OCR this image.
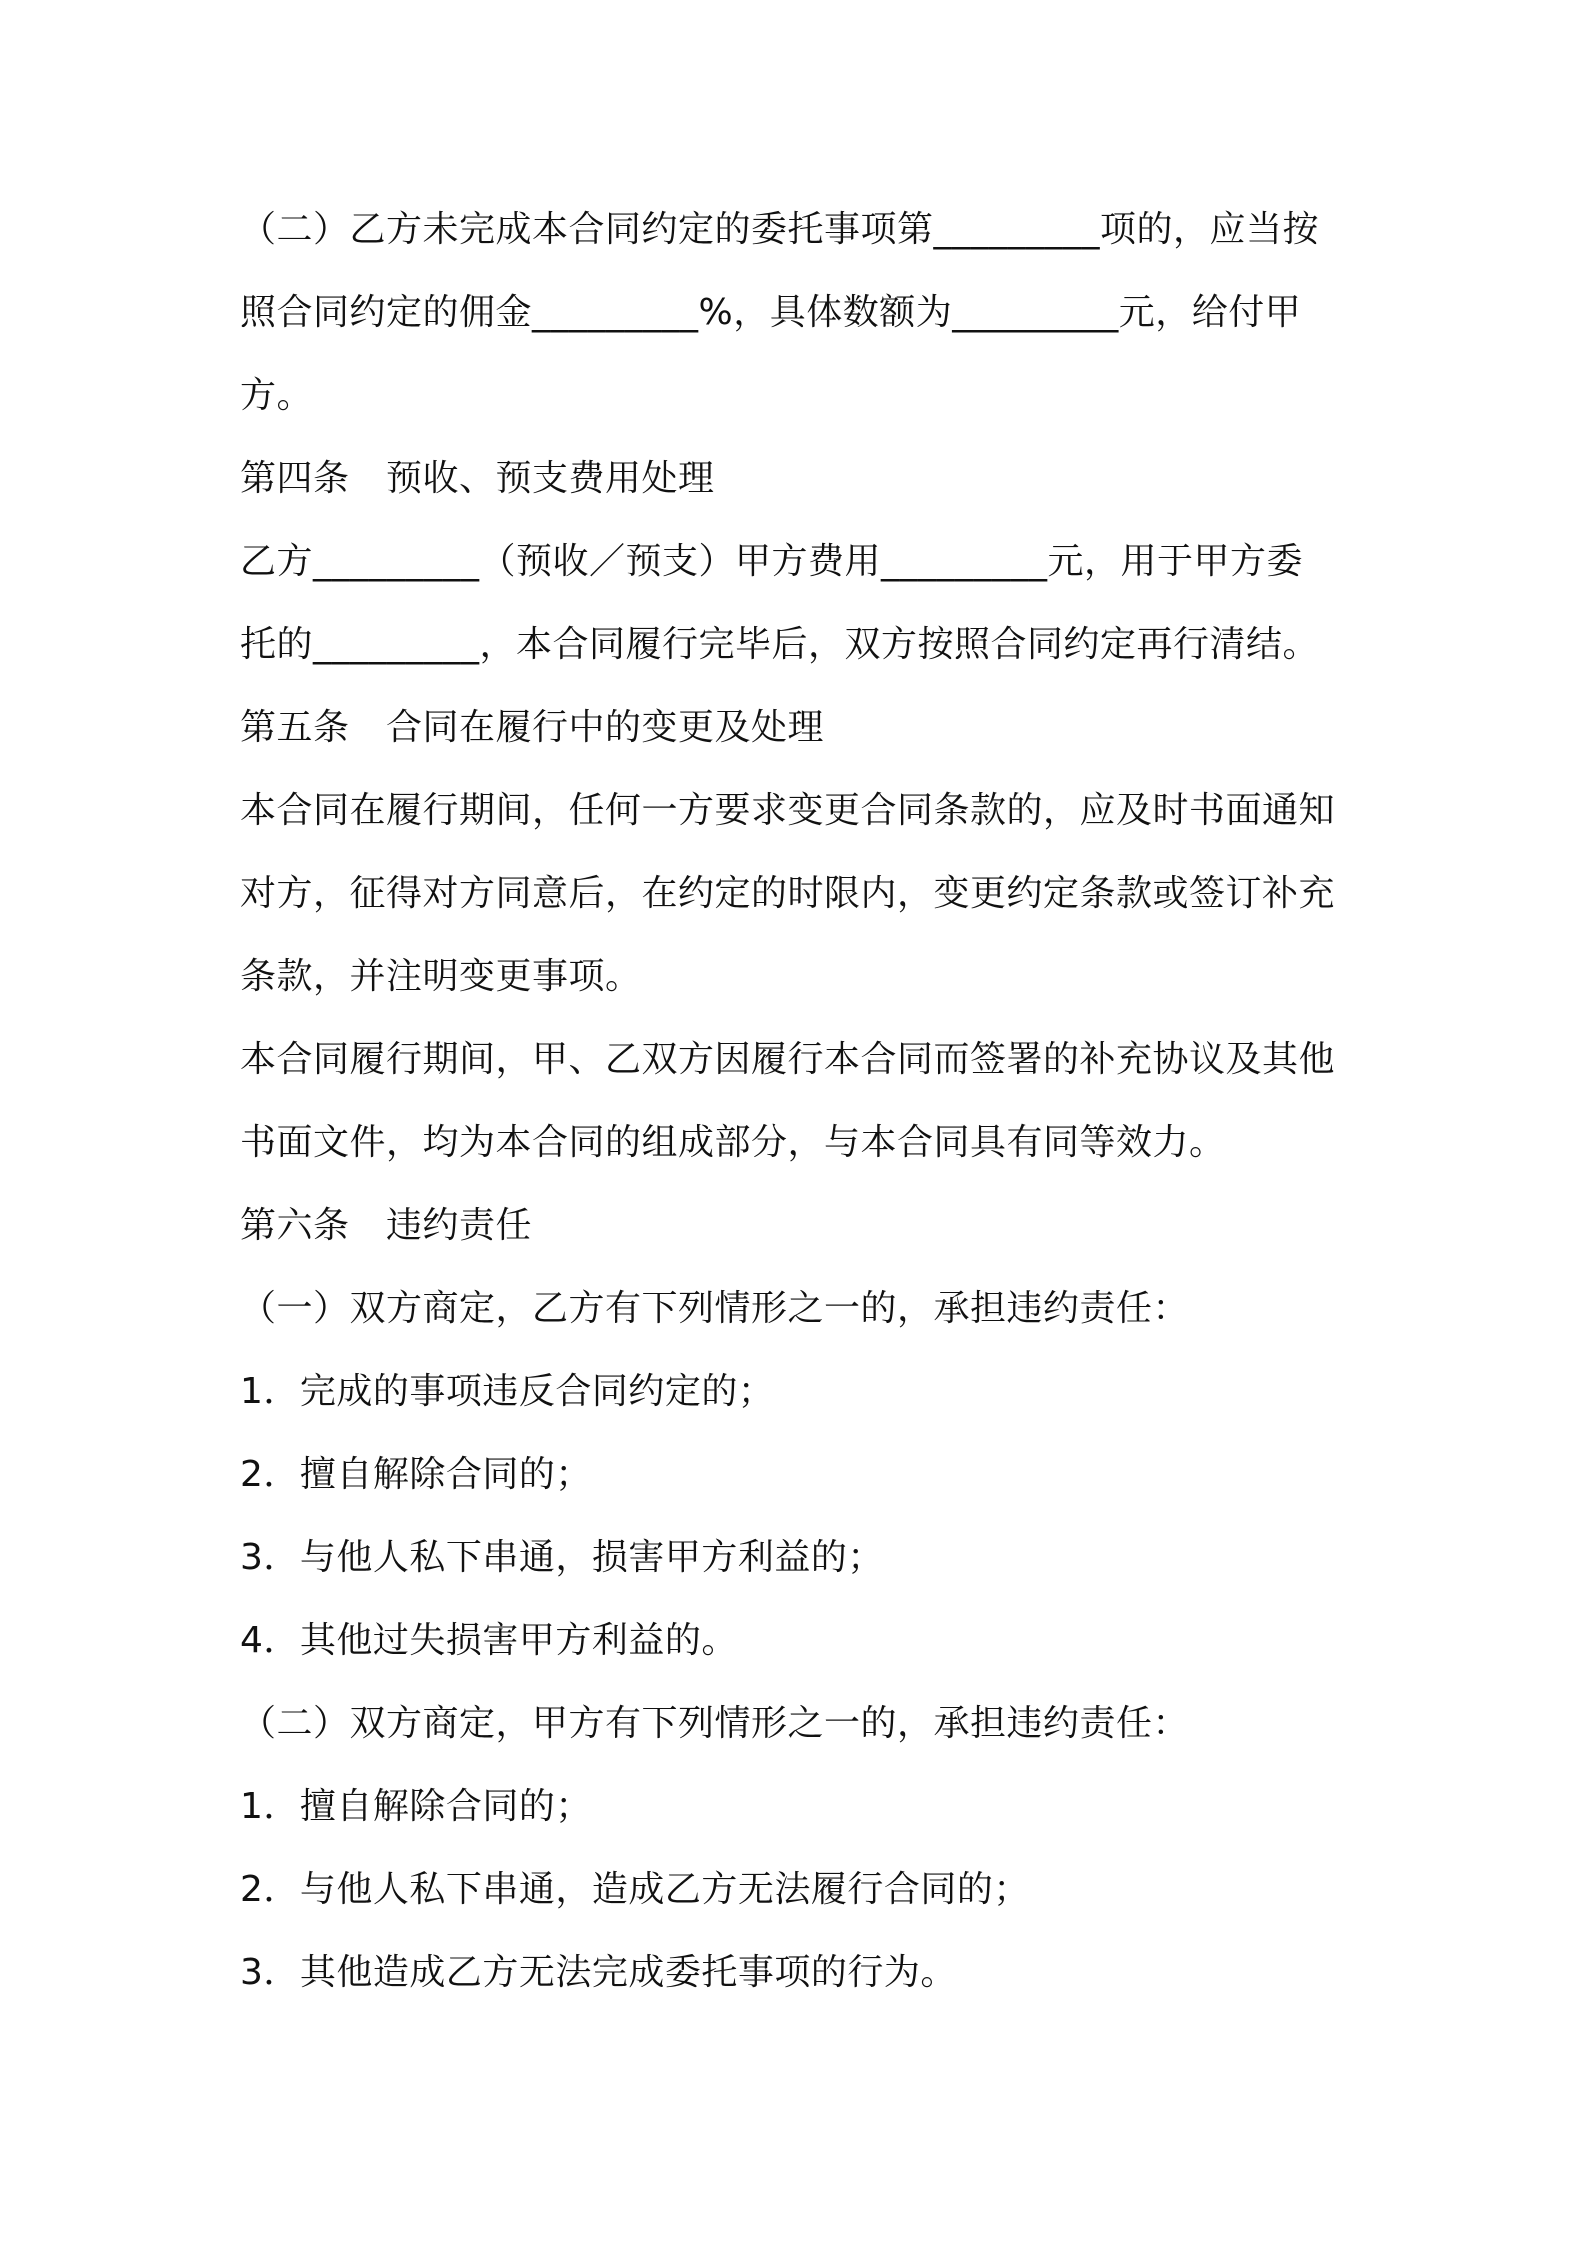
（二）乙方未完成本合同约定的委托事项第_________项的，应当按
照合同约定的佣金_________%，具体数额为_________元，给付甲
方。
第四条　预收、预支费用处理
乙方_________（预收／预支）甲方费用_________元，用于甲方委
托的_________，本合同履行完毕后，双方按照合同约定再行清结。
第五条　合同在履行中的变更及处理
本合同在履行期间，任何一方要求变更合同条款的，应及时书面通知
对方，征得对方同意后，在约定的时限内，变更约定条款或签订补充
条款，并注明变更事项。
本合同履行期间，甲、乙双方因履行本合同而签署的补充协议及其他
书面文件，均为本合同的组成部分，与本合同具有同等效力。
第六条　违约责任
（一）双方商定，乙方有下列情形之一的，承担违约责任：
1．完成的事项违反合同约定的；
2．擅自解除合同的；
3．与他人私下串通，损害甲方利益的；
4．其他过失损害甲方利益的。
（二）双方商定，甲方有下列情形之一的，承担违约责任：
1．擅自解除合同的；
2．与他人私下串通，造成乙方无法履行合同的；
3．其他造成乙方无法完成委托事项的行为。
